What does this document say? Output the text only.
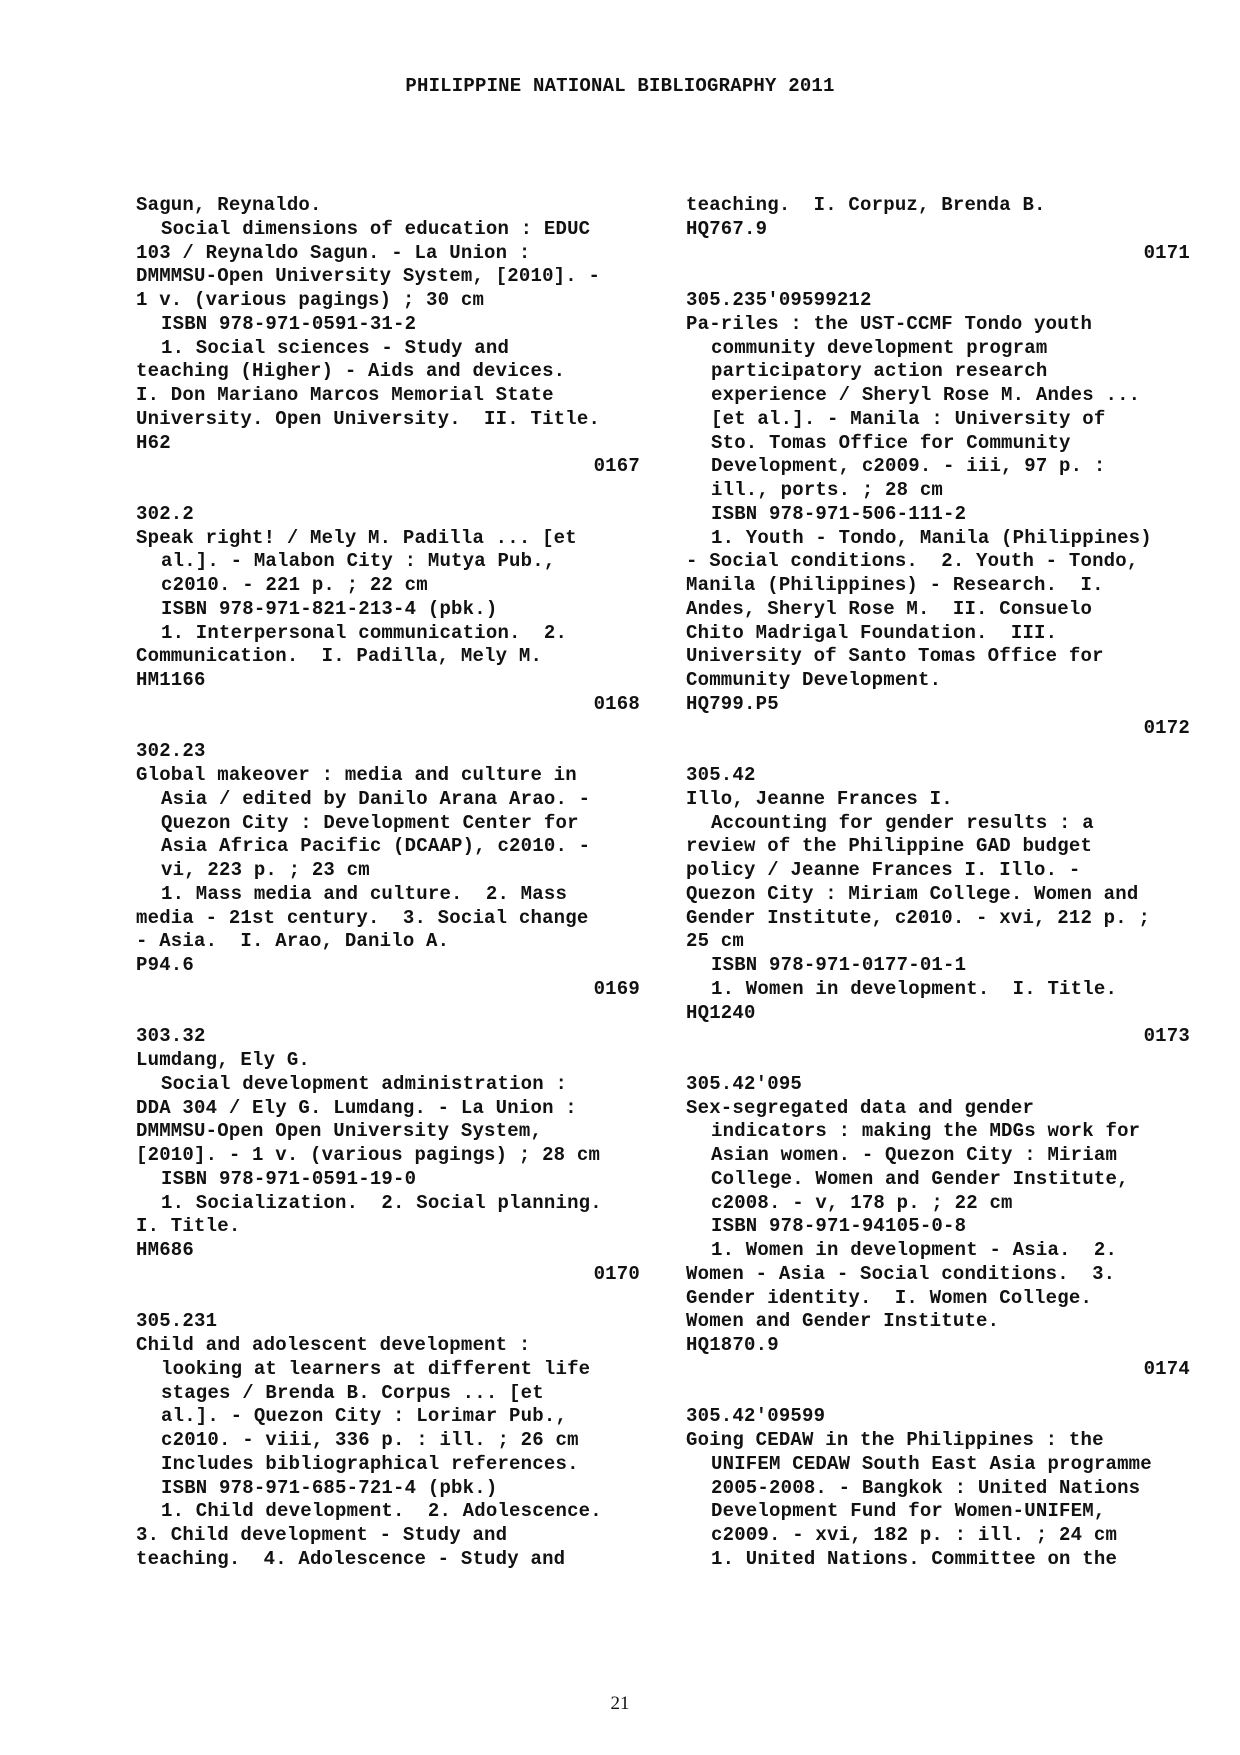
PHILIPPINE NATIONAL BIBLIOGRAPHY 2011
Sagun, Reynaldo.
Social dimensions of education : EDUC
103 / Reynaldo Sagun. - La Union :
DMMMSU-Open University System, [2010]. -
1 v. (various pagings) ; 30 cm
ISBN 978-971-0591-31-2
1. Social sciences - Study and
teaching (Higher) - Aids and devices.
I. Don Mariano Marcos Memorial State
University. Open University.  II. Title.
H62
0167
302.2
Speak right! / Mely M. Padilla ... [et
al.]. - Malabon City : Mutya Pub.,
c2010. - 221 p. ; 22 cm
ISBN 978-971-821-213-4 (pbk.)
1. Interpersonal communication.  2.
Communication.  I. Padilla, Mely M.
HM1166
0168
302.23
Global makeover : media and culture in
Asia / edited by Danilo Arana Arao. -
Quezon City : Development Center for
Asia Africa Pacific (DCAAP), c2010. -
vi, 223 p. ; 23 cm
1. Mass media and culture.  2. Mass
media - 21st century.  3. Social change
- Asia.  I. Arao, Danilo A.
P94.6
0169
303.32
Lumdang, Ely G.
Social development administration :
DDA 304 / Ely G. Lumdang. - La Union :
DMMMSU-Open Open University System,
[2010]. - 1 v. (various pagings) ; 28 cm
ISBN 978-971-0591-19-0
1. Socialization.  2. Social planning.
I. Title.
HM686
0170
305.231
Child and adolescent development :
looking at learners at different life
stages / Brenda B. Corpus ... [et
al.]. - Quezon City : Lorimar Pub.,
c2010. - viii, 336 p. : ill. ; 26 cm
Includes bibliographical references.
ISBN 978-971-685-721-4 (pbk.)
1. Child development.  2. Adolescence.
3. Child development - Study and
teaching.  4. Adolescence - Study and
teaching.  I. Corpuz, Brenda B.
HQ767.9
0171
305.235'09599212
Pa-riles : the UST-CCMF Tondo youth
community development program
participatory action research
experience / Sheryl Rose M. Andes ...
[et al.]. - Manila : University of
Sto. Tomas Office for Community
Development, c2009. - iii, 97 p. :
ill., ports. ; 28 cm
ISBN 978-971-506-111-2
1. Youth - Tondo, Manila (Philippines)
- Social conditions.  2. Youth - Tondo,
Manila (Philippines) - Research.  I.
Andes, Sheryl Rose M.  II. Consuelo
Chito Madrigal Foundation.  III.
University of Santo Tomas Office for
Community Development.
HQ799.P5
0172
305.42
Illo, Jeanne Frances I.
Accounting for gender results : a
review of the Philippine GAD budget
policy / Jeanne Frances I. Illo. -
Quezon City : Miriam College. Women and
Gender Institute, c2010. - xvi, 212 p. ;
25 cm
ISBN 978-971-0177-01-1
1. Women in development.  I. Title.
HQ1240
0173
305.42'095
Sex-segregated data and gender
indicators : making the MDGs work for
Asian women. - Quezon City : Miriam
College. Women and Gender Institute,
c2008. - v, 178 p. ; 22 cm
ISBN 978-971-94105-0-8
1. Women in development - Asia.  2.
Women - Asia - Social conditions.  3.
Gender identity.  I. Women College.
Women and Gender Institute.
HQ1870.9
0174
305.42'09599
Going CEDAW in the Philippines : the
UNIFEM CEDAW South East Asia programme
2005-2008. - Bangkok : United Nations
Development Fund for Women-UNIFEM,
c2009. - xvi, 182 p. : ill. ; 24 cm
1. United Nations. Committee on the
21
